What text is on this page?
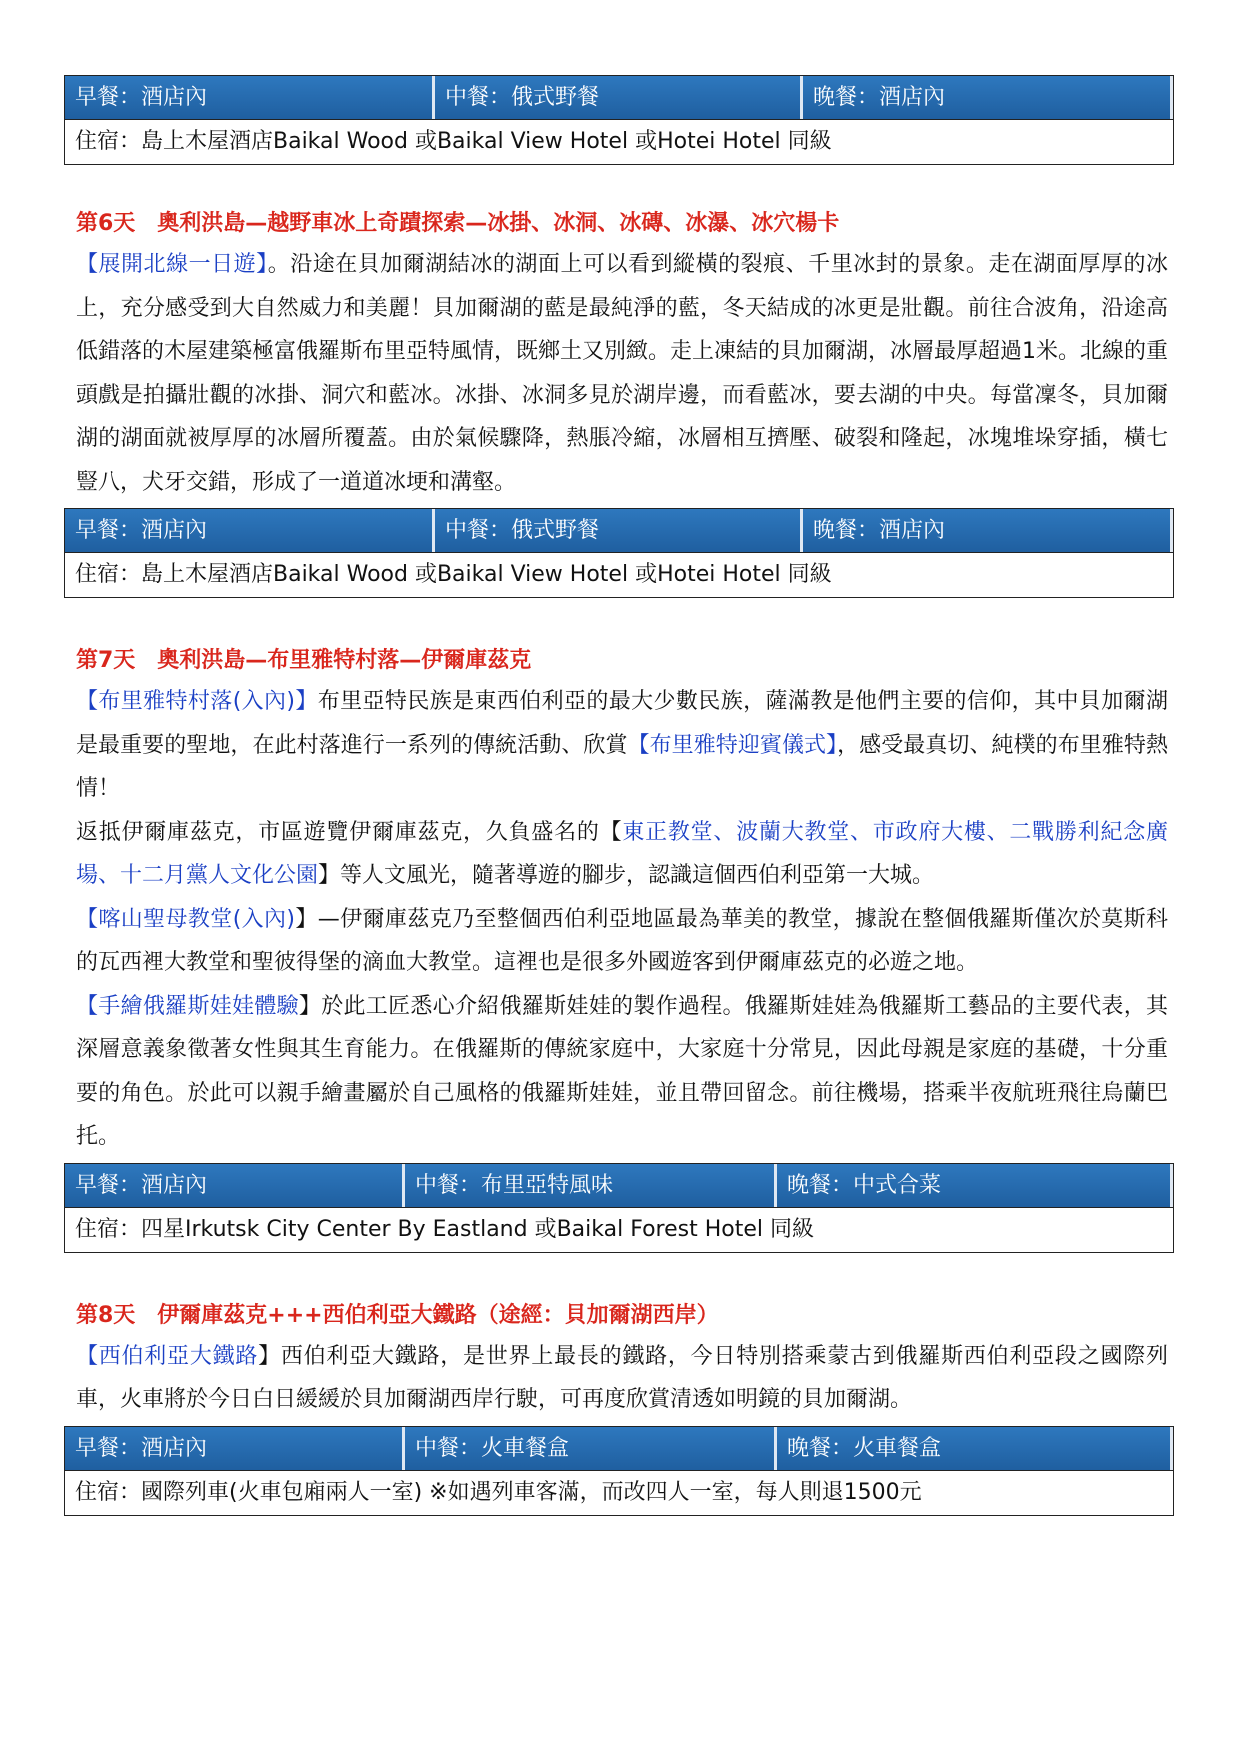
早餐：酒店內	中餐：俄式野餐	晚餐：酒店內
住宿：島上木屋酒店Baikal Wood 或Baikal View Hotel 或Hotei Hotel 同級
第6天　奧利洪島—越野車冰上奇蹟探索—冰掛、冰洞、冰磚、冰瀑、冰穴楊卡

【展開北線一日遊】。沿途在貝加爾湖結冰的湖面上可以看到縱橫的裂痕、千里冰封的景象。走在湖面厚厚的冰上，充分感受到大自然威力和美麗！貝加爾湖的藍是最純淨的藍，冬天結成的冰更是壯觀。前往合波角，沿途高低錯落的木屋建築極富俄羅斯布里亞特風情，既鄉土又別緻。走上凍結的貝加爾湖，冰層最厚超過1米。北線的重頭戲是拍攝壯觀的冰掛、洞穴和藍冰。冰掛、冰洞多見於湖岸邊，而看藍冰，要去湖的中央。每當凜冬，貝加爾湖的湖面就被厚厚的冰層所覆蓋。由於氣候驟降，熱脹冷縮，冰層相互擠壓、破裂和隆起，冰塊堆垛穿插，橫七豎八，犬牙交錯，形成了一道道冰埂和溝壑。

早餐：酒店內	中餐：俄式野餐	晚餐：酒店內
住宿：島上木屋酒店Baikal Wood 或Baikal View Hotel 或Hotei Hotel 同級
第7天　奧利洪島—布里雅特村落—伊爾庫茲克

【布里雅特村落(入內)】布里亞特民族是東西伯利亞的最大少數民族，薩滿教是他們主要的信仰，其中貝加爾湖是最重要的聖地，在此村落進行一系列的傳統活動、欣賞【布里雅特迎賓儀式】，感受最真切、純樸的布里雅特熱情！

返抵伊爾庫茲克，市區遊覽伊爾庫茲克，久負盛名的【東正教堂、波蘭大教堂、市政府大樓、二戰勝利紀念廣場、十二月黨人文化公園】等人文風光，隨著導遊的腳步，認識這個西伯利亞第一大城。

【喀山聖母教堂(入內)】—伊爾庫茲克乃至整個西伯利亞地區最為華美的教堂，據說在整個俄羅斯僅次於莫斯科的瓦西裡大教堂和聖彼得堡的滴血大教堂。這裡也是很多外國遊客到伊爾庫茲克的必遊之地。

【手繪俄羅斯娃娃體驗】於此工匠悉心介紹俄羅斯娃娃的製作過程。俄羅斯娃娃為俄羅斯工藝品的主要代表，其深層意義象徵著女性與其生育能力。在俄羅斯的傳統家庭中，大家庭十分常見，因此母親是家庭的基礎，十分重要的角色。於此可以親手繪畫屬於自己風格的俄羅斯娃娃，並且帶回留念。前往機場，搭乘半夜航班飛往烏蘭巴托。

早餐：酒店內	中餐：布里亞特風味	晚餐：中式合菜
住宿：四星Irkutsk City Center By Eastland 或Baikal Forest Hotel 同級
第8天　伊爾庫茲克+++西伯利亞大鐵路（途經：貝加爾湖西岸）

【西伯利亞大鐵路】西伯利亞大鐵路，是世界上最長的鐵路，今日特別搭乘蒙古到俄羅斯西伯利亞段之國際列車，火車將於今日白日緩緩於貝加爾湖西岸行駛，可再度欣賞清透如明鏡的貝加爾湖。

早餐：酒店內	中餐：火車餐盒	晚餐：火車餐盒
住宿：國際列車(火車包廂兩人一室) ※如遇列車客滿，而改四人一室，每人則退1500元
